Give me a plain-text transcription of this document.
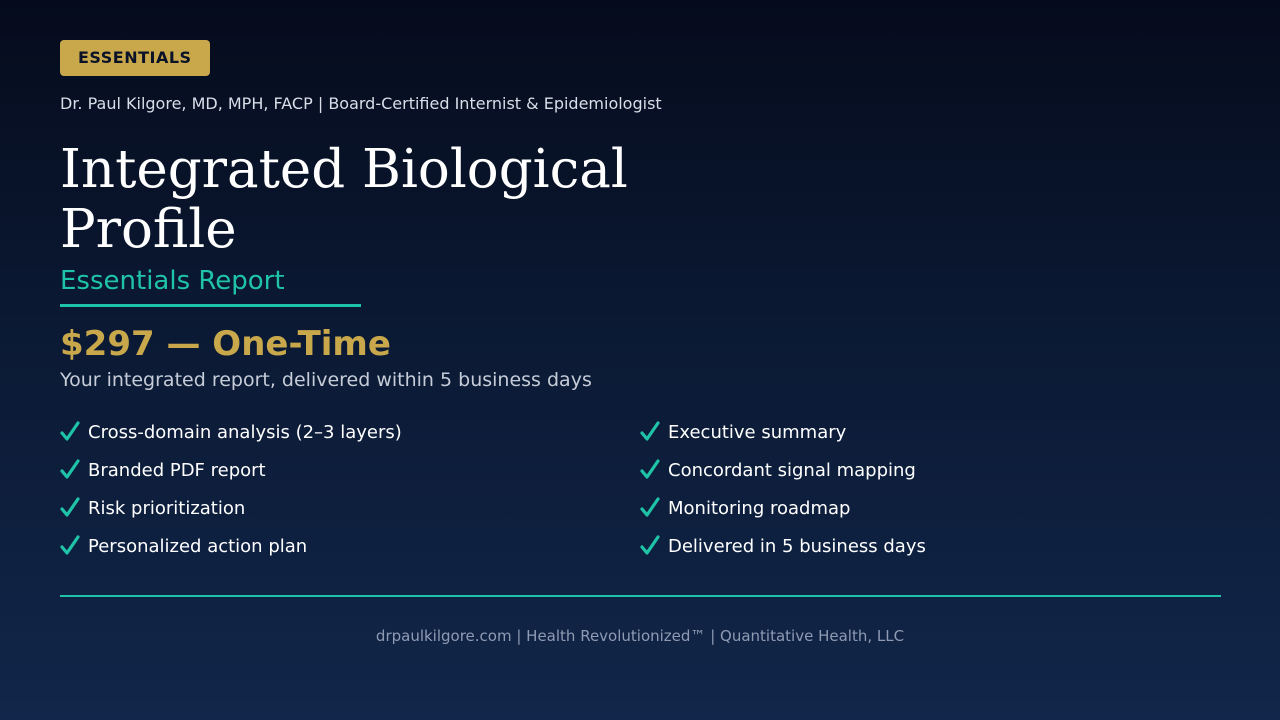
ESSENTIALS
Dr. Paul Kilgore, MD, MPH, FACP | Board-Certified Internist & Epidemiologist
Integrated Biological Profile
Essentials Report
$297 — One-Time
Your integrated report, delivered within 5 business days
Cross-domain analysis (2–3 layers)	Executive summary
Branded PDF report	Concordant signal mapping
Risk prioritization	Monitoring roadmap
Personalized action plan	Delivered in 5 business days
drpaulkilgore.com | Health Revolutionized™ | Quantitative Health, LLC
